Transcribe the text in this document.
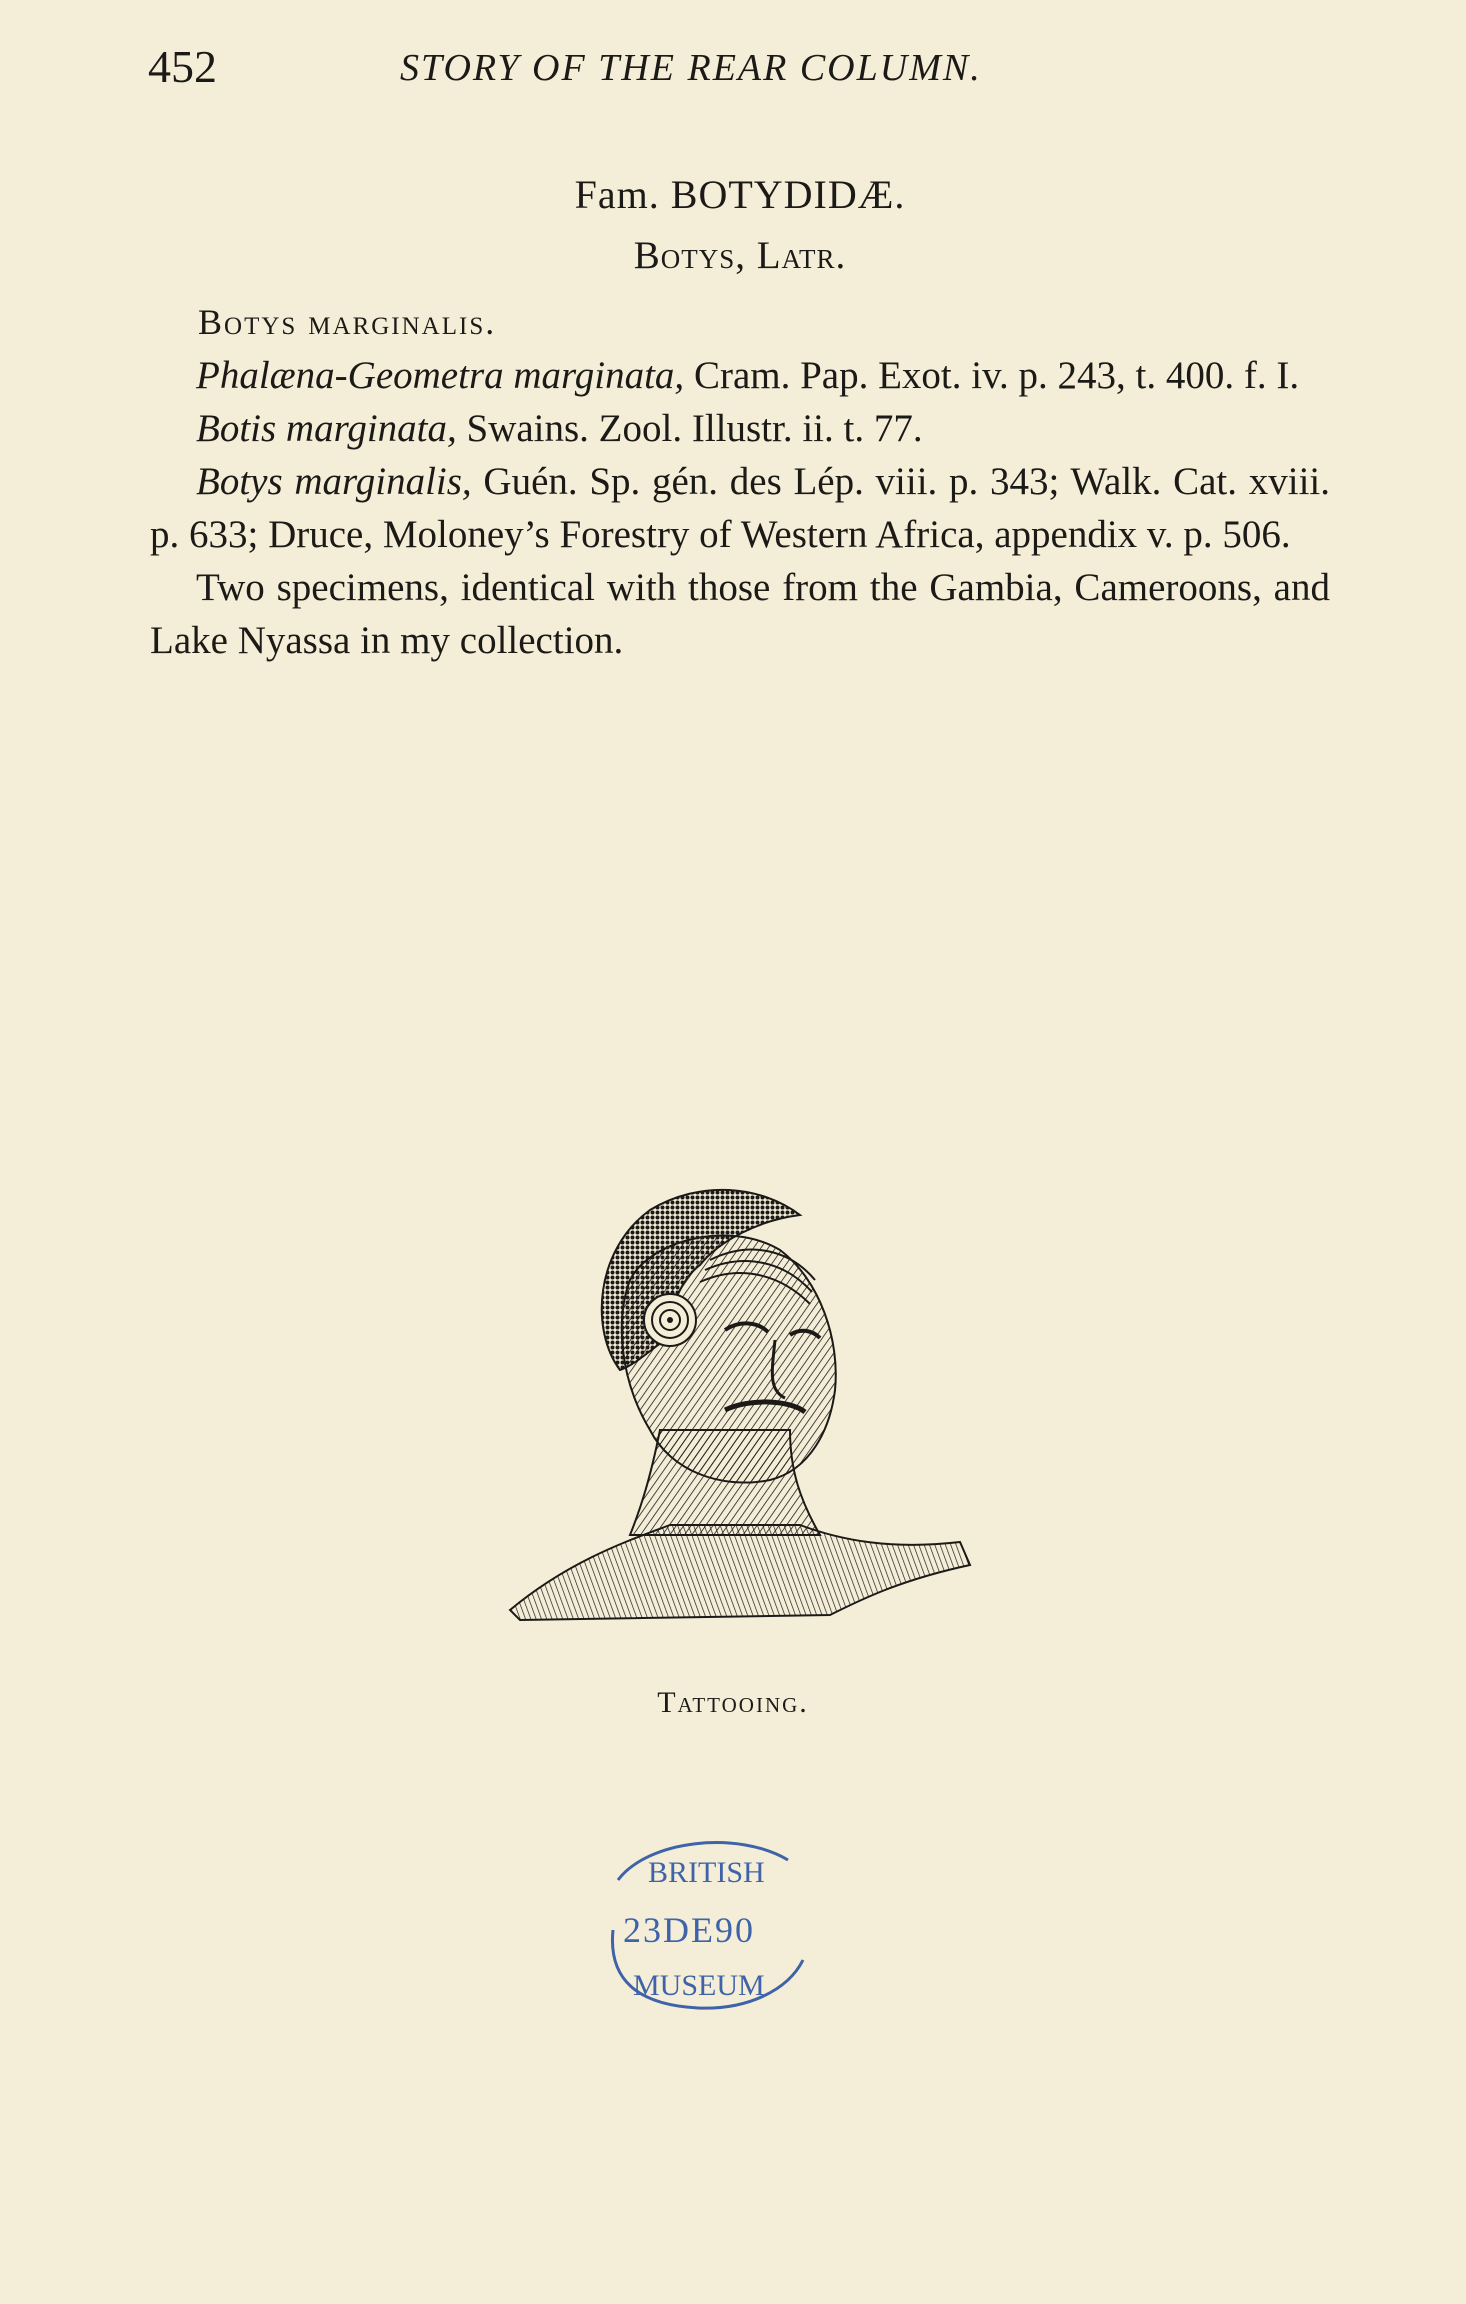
452	STORY OF THE REAR COLUMN.

Fam. BOTYDIDÆ.

Botys, Latr.

Botys marginalis.

Phalæna-Geometra marginata, Cram. Pap. Exot. iv. p. 243, t. 400. f. I.

Botis marginata, Swains. Zool. Illustr. ii. t. 77.

Botys marginalis, Guén. Sp. gén. des Lép. viii. p. 343; Walk. Cat. xviii. p. 633; Druce, Moloney’s Forestry of Western Africa, appendix v. p. 506.

Two specimens, identical with those from the Gambia, Cameroons, and Lake Nyassa in my collection.

Tattooing.
BRITISH
23DE90
MUSEUM
